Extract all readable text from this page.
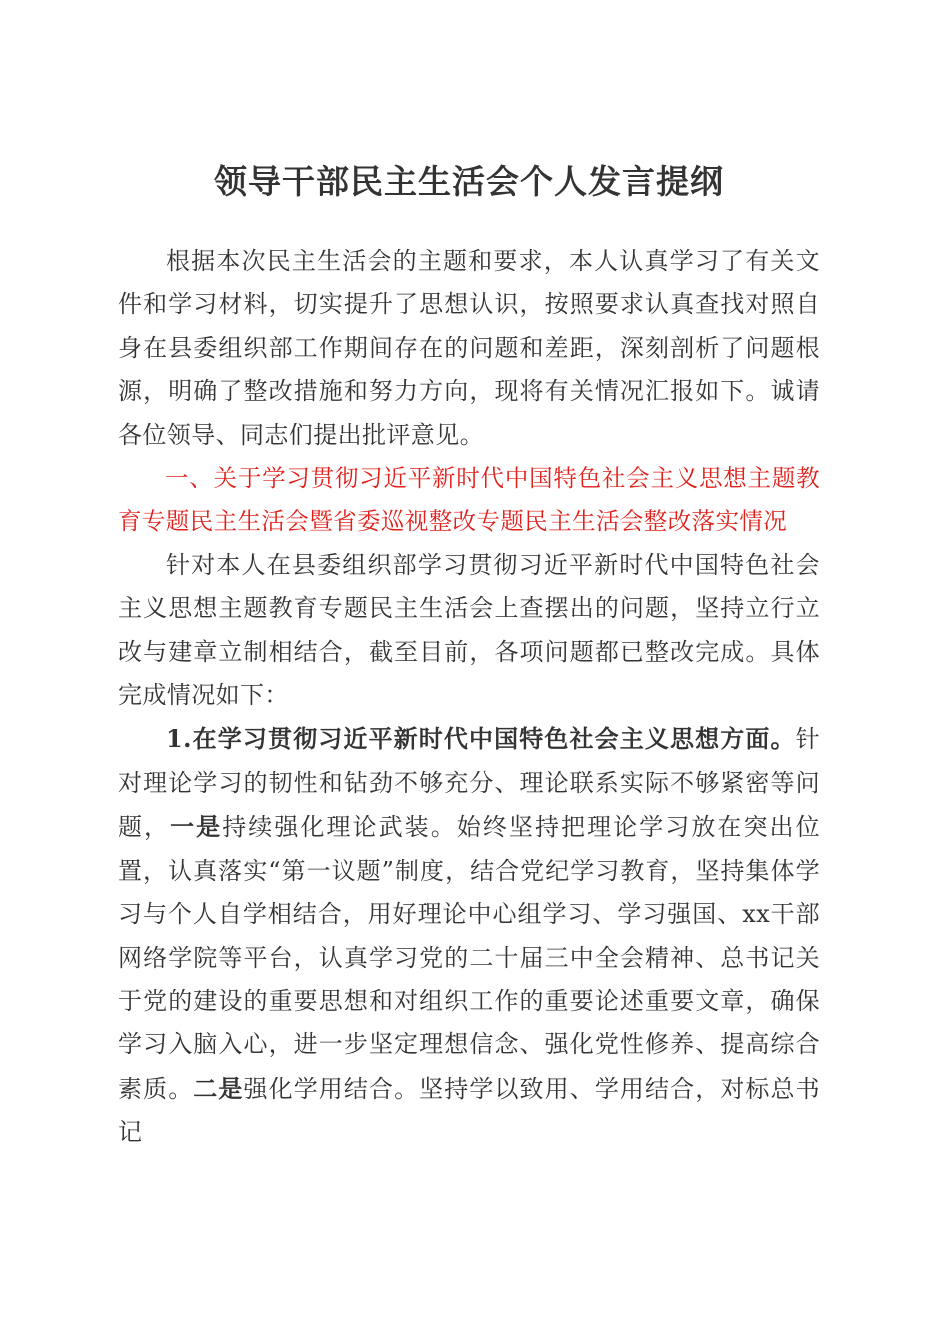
领导干部民主生活会个人发言提纲

根据本次民主生活会的主题和要求，本人认真学习了有关文件和学习材料，切实提升了思想认识，按照要求认真查找对照自身在县委组织部工作期间存在的问题和差距，深刻剖析了问题根源，明确了整改措施和努力方向，现将有关情况汇报如下。诚请各位领导、同志们提出批评意见。

一、关于学习贯彻习近平新时代中国特色社会主义思想主题教育专题民主生活会暨省委巡视整改专题民主生活会整改落实情况

针对本人在县委组织部学习贯彻习近平新时代中国特色社会主义思想主题教育专题民主生活会上查摆出的问题，坚持立行立改与建章立制相结合，截至目前，各项问题都已整改完成。具体完成情况如下：

1.在学习贯彻习近平新时代中国特色社会主义思想方面。针对理论学习的韧性和钻劲不够充分、理论联系实际不够紧密等问题，一是持续强化理论武装。始终坚持把理论学习放在突出位置，认真落实“第一议题”制度，结合党纪学习教育，坚持集体学习与个人自学相结合，用好理论中心组学习、学习强国、xx干部网络学院等平台，认真学习党的二十届三中全会精神、总书记关于党的建设的重要思想和对组织工作的重要论述重要文章，确保学习入脑入心，进一步坚定理想信念、强化党性修养、提高综合素质。二是强化学用结合。坚持学以致用、学用结合，对标总书记
